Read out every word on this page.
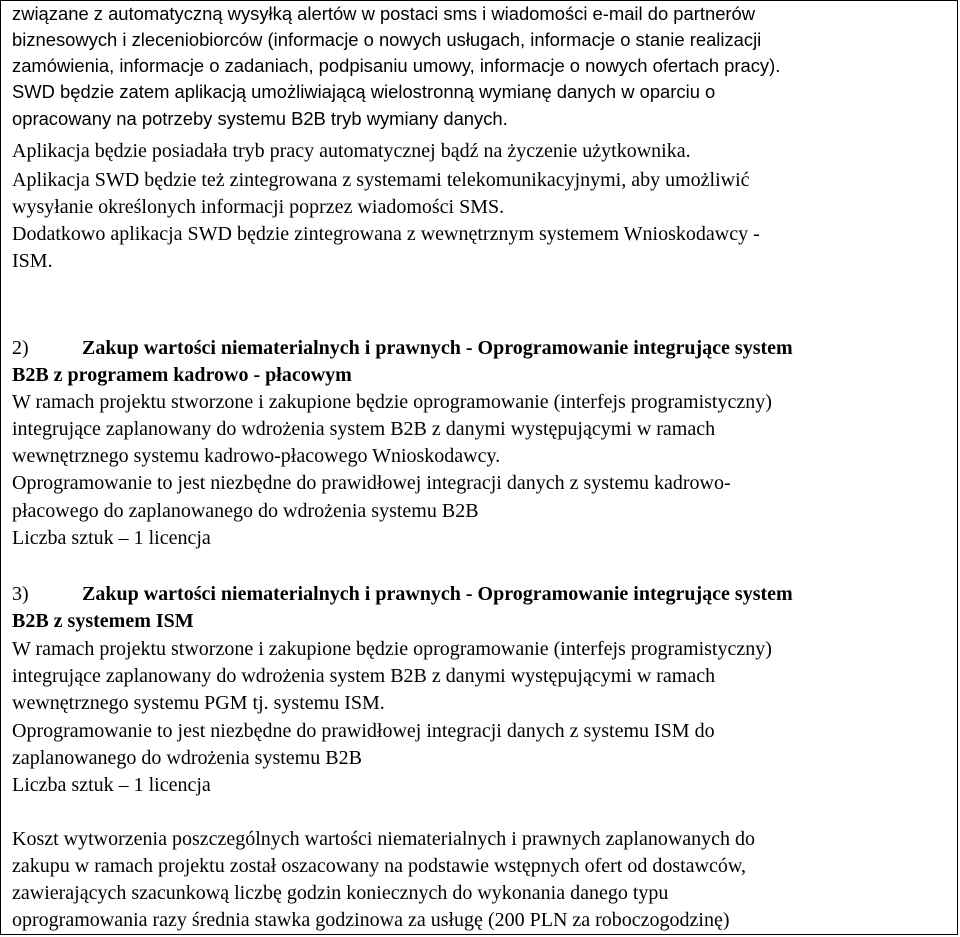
związane z automatyczną wysyłką alertów w postaci sms i wiadomości e-mail do partnerów

biznesowych i zleceniobiorców (informacje o nowych usługach, informacje o stanie realizacji

zamówienia, informacje o zadaniach, podpisaniu umowy, informacje o nowych ofertach pracy).

SWD będzie zatem aplikacją umożliwiającą wielostronną wymianę danych w oparciu o

opracowany na potrzeby systemu B2B tryb wymiany danych.

Aplikacja będzie posiadała tryb pracy automatycznej bądź na życzenie użytkownika.

Aplikacja SWD będzie też zintegrowana z systemami telekomunikacyjnymi, aby umożliwić

wysyłanie określonych informacji poprzez wiadomości SMS.

Dodatkowo aplikacja SWD będzie zintegrowana z wewnętrznym systemem Wnioskodawcy -

ISM.

2)	Zakup wartości niematerialnych i prawnych - Oprogramowanie integrujące system

B2B z programem kadrowo - płacowym

W ramach projektu stworzone i zakupione będzie oprogramowanie (interfejs programistyczny)

integrujące zaplanowany do wdrożenia system B2B z danymi występującymi w ramach

wewnętrznego systemu kadrowo-płacowego Wnioskodawcy.

Oprogramowanie to jest niezbędne do prawidłowej integracji danych z systemu kadrowo-

płacowego do zaplanowanego do wdrożenia systemu B2B

Liczba sztuk – 1 licencja

3)	Zakup wartości niematerialnych i prawnych - Oprogramowanie integrujące system

B2B z systemem ISM

W ramach projektu stworzone i zakupione będzie oprogramowanie (interfejs programistyczny)

integrujące zaplanowany do wdrożenia system B2B z danymi występującymi w ramach

wewnętrznego systemu PGM tj. systemu ISM.

Oprogramowanie to jest niezbędne do prawidłowej integracji danych z systemu ISM do

zaplanowanego do wdrożenia systemu B2B

Liczba sztuk – 1 licencja

Koszt wytworzenia poszczególnych wartości niematerialnych i prawnych zaplanowanych do

zakupu w ramach projektu został oszacowany na podstawie wstępnych ofert od dostawców,

zawierających szacunkową liczbę godzin koniecznych do wykonania danego typu

oprogramowania razy średnia stawka godzinowa za usługę (200 PLN za roboczogodzinę)
